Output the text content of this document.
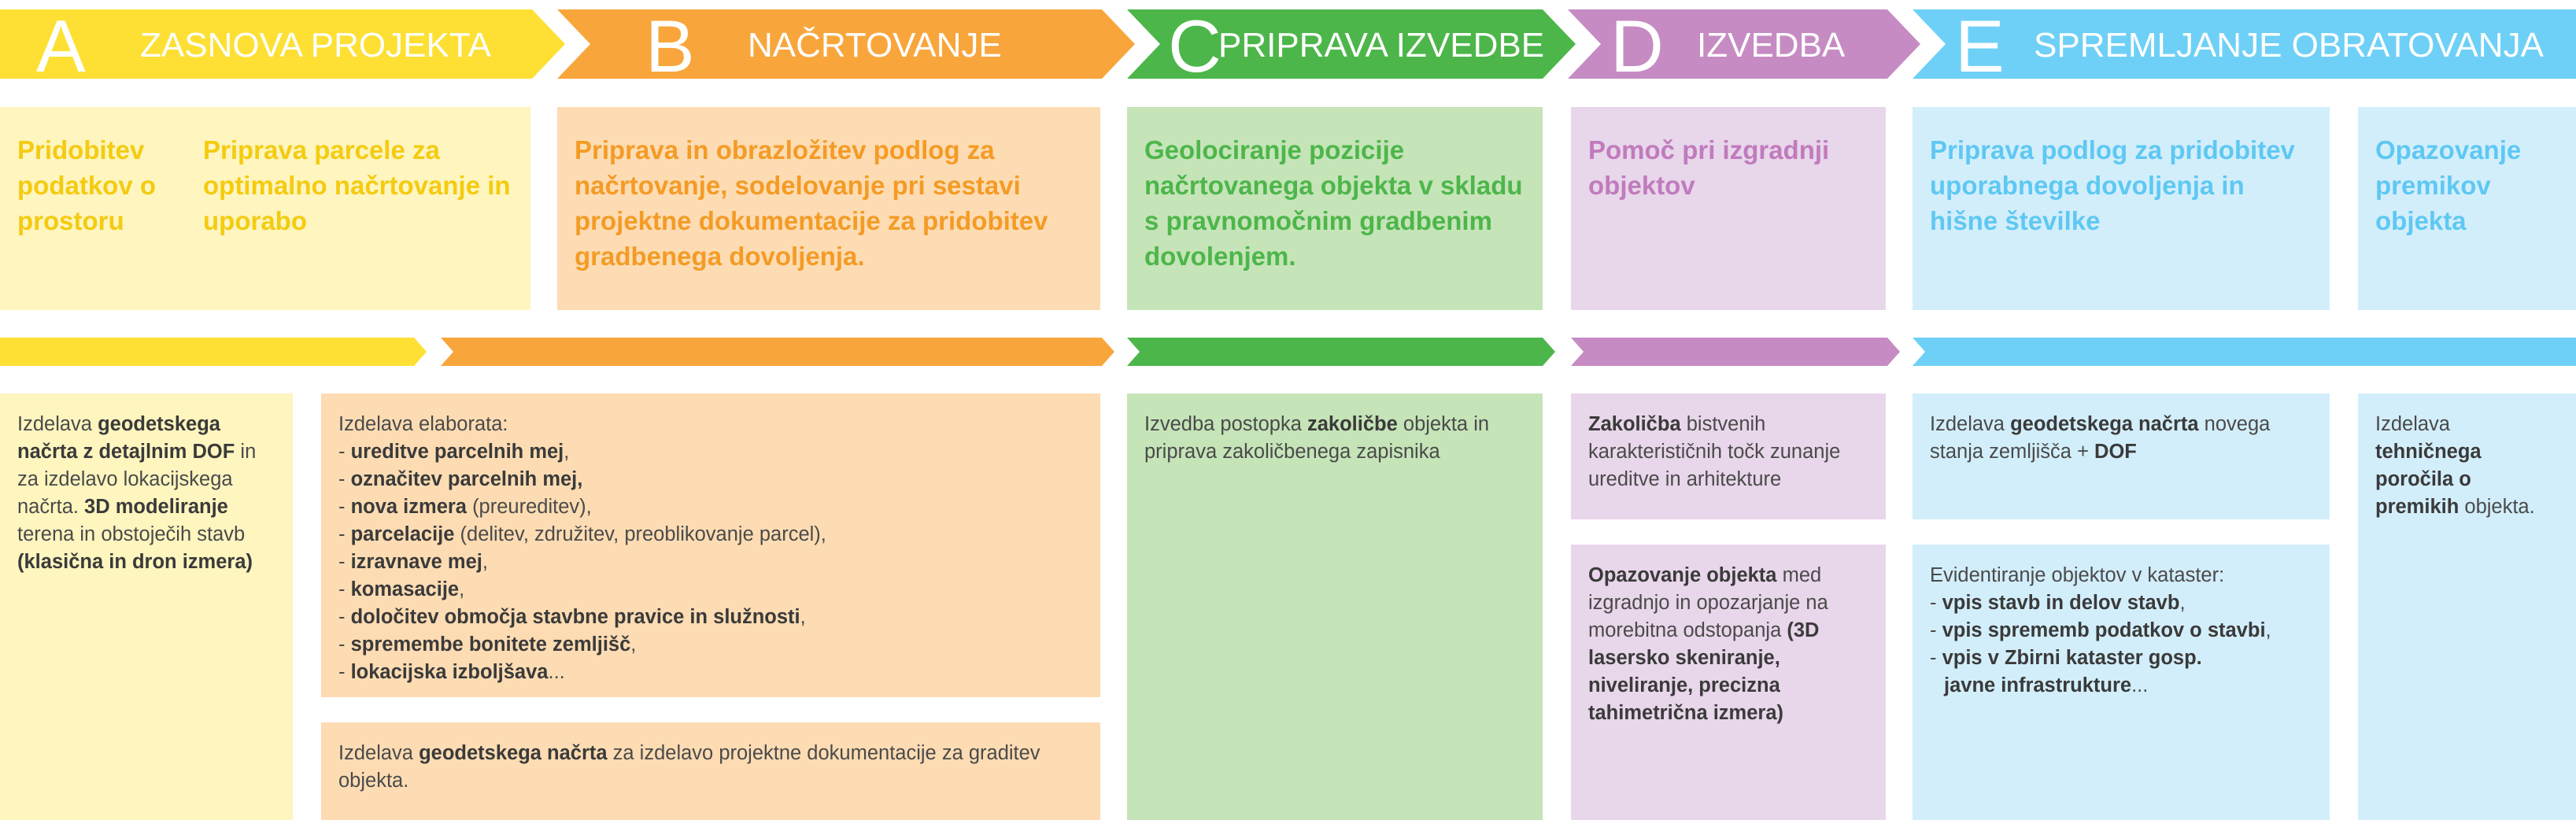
A ZASNOVA PROJEKTA B NAČRTOVANJE C
PRIPRAVA IZVEDBE D IZVEDBA E SPREMLJANJE OBRATOVANJA
Pridobitev podatkov o prostoru
Priprava parcele za optimalno načrtovanje in uporabo
Priprava in obrazložitev podlog za načrtovanje, sodelovanje pri sestavi projektne dokumentacije za pridobitev gradbenega dovoljenja.
Geolociranje pozicije načrtovanega objekta v skladu s pravnomočnim gradbenim dovolenjem.
Pomoč pri izgradnji objektov
Priprava podlog za pridobitev uporabnega dovoljenja in hišne številke
Opazovanje premikov objekta

Izdelava geodetskega načrta z detajlnim DOF in za izdelavo lokacijskega načrta. 3D modeliranje terena in obstoječih stavb (klasična in dron izmera)

Izdelava elaborata:

- ureditve parcelnih mej,
- označitev parcelnih mej,
- nova izmera (preureditev),
- parcelacije (delitev, združitev, preoblikovanje parcel),
- izravnave mej,
- komasacije,
- določitev območja stavbne pravice in služnosti,
- spremembe bonitete zemljišč,
- lokacijska izboljšava...

Izdelava geodetskega načrta za izdelavo projektne dokumentacije za graditev objekta.

Izvedba postopka zakoličbe objekta in priprava zakoličbenega zapisnika

Zakoličba bistvenih karakterističnih točk zunanje ureditve in arhitekture

Opazovanje objekta med izgradnjo in opozarjanje na morebitna odstopanja (3D lasersko skeniranje, niveliranje, precizna tahimetrična izmera)

Izdelava geodetskega načrta novega stanja zemljišča + DOF

Evidentiranje objektov v kataster:

- vpis stavb in delov stavb,
- vpis sprememb podatkov o stavbi,
- vpis v Zbirni kataster gosp.

javne infrastrukture...

Izdelava tehničnega poročila o premikih objekta.
